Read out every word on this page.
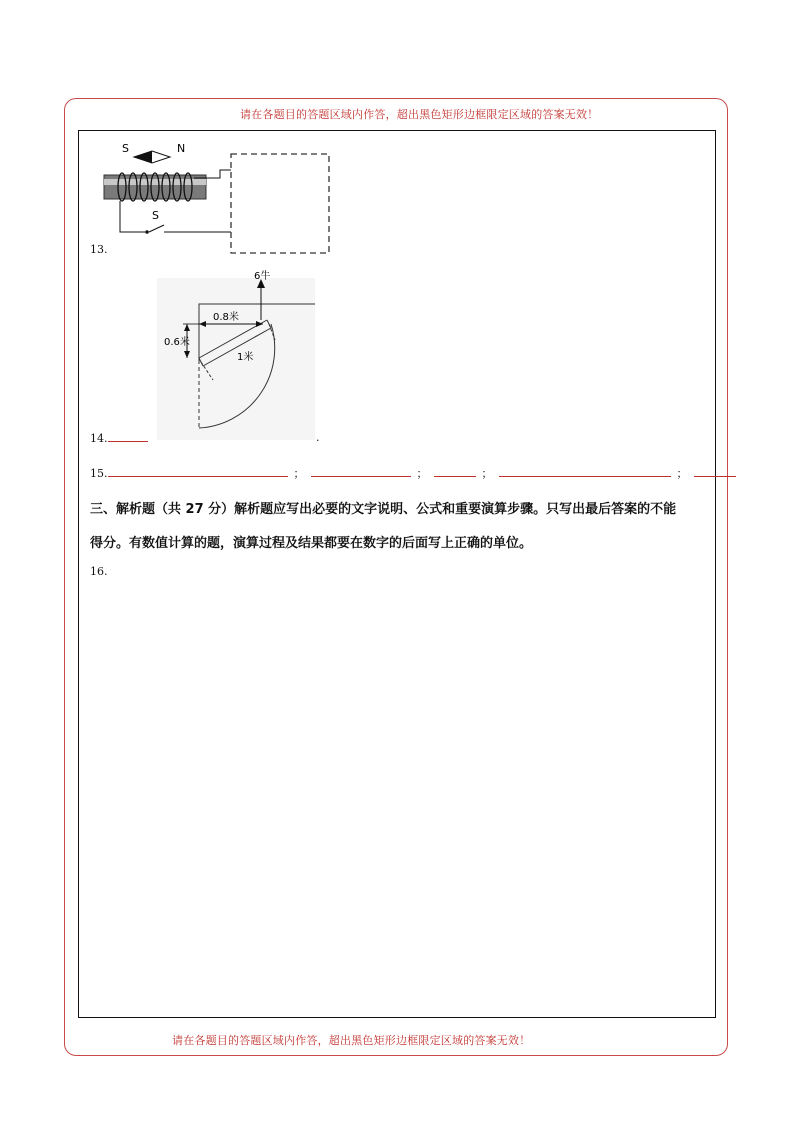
请在各题目的答题区域内作答，超出黑色矩形边框限定区域的答案无效！
S	N
S
13.
6牛
0.8米
0.6米
1米
14.	.
15.	；	；	；	；
三、解析题（共 27 分）解析题应写出必要的文字说明、公式和重要演算步骤。只写出最后答案的不能
得分。有数值计算的题，演算过程及结果都要在数字的后面写上正确的单位。
16.
请在各题目的答题区域内作答，超出黑色矩形边框限定区域的答案无效！
